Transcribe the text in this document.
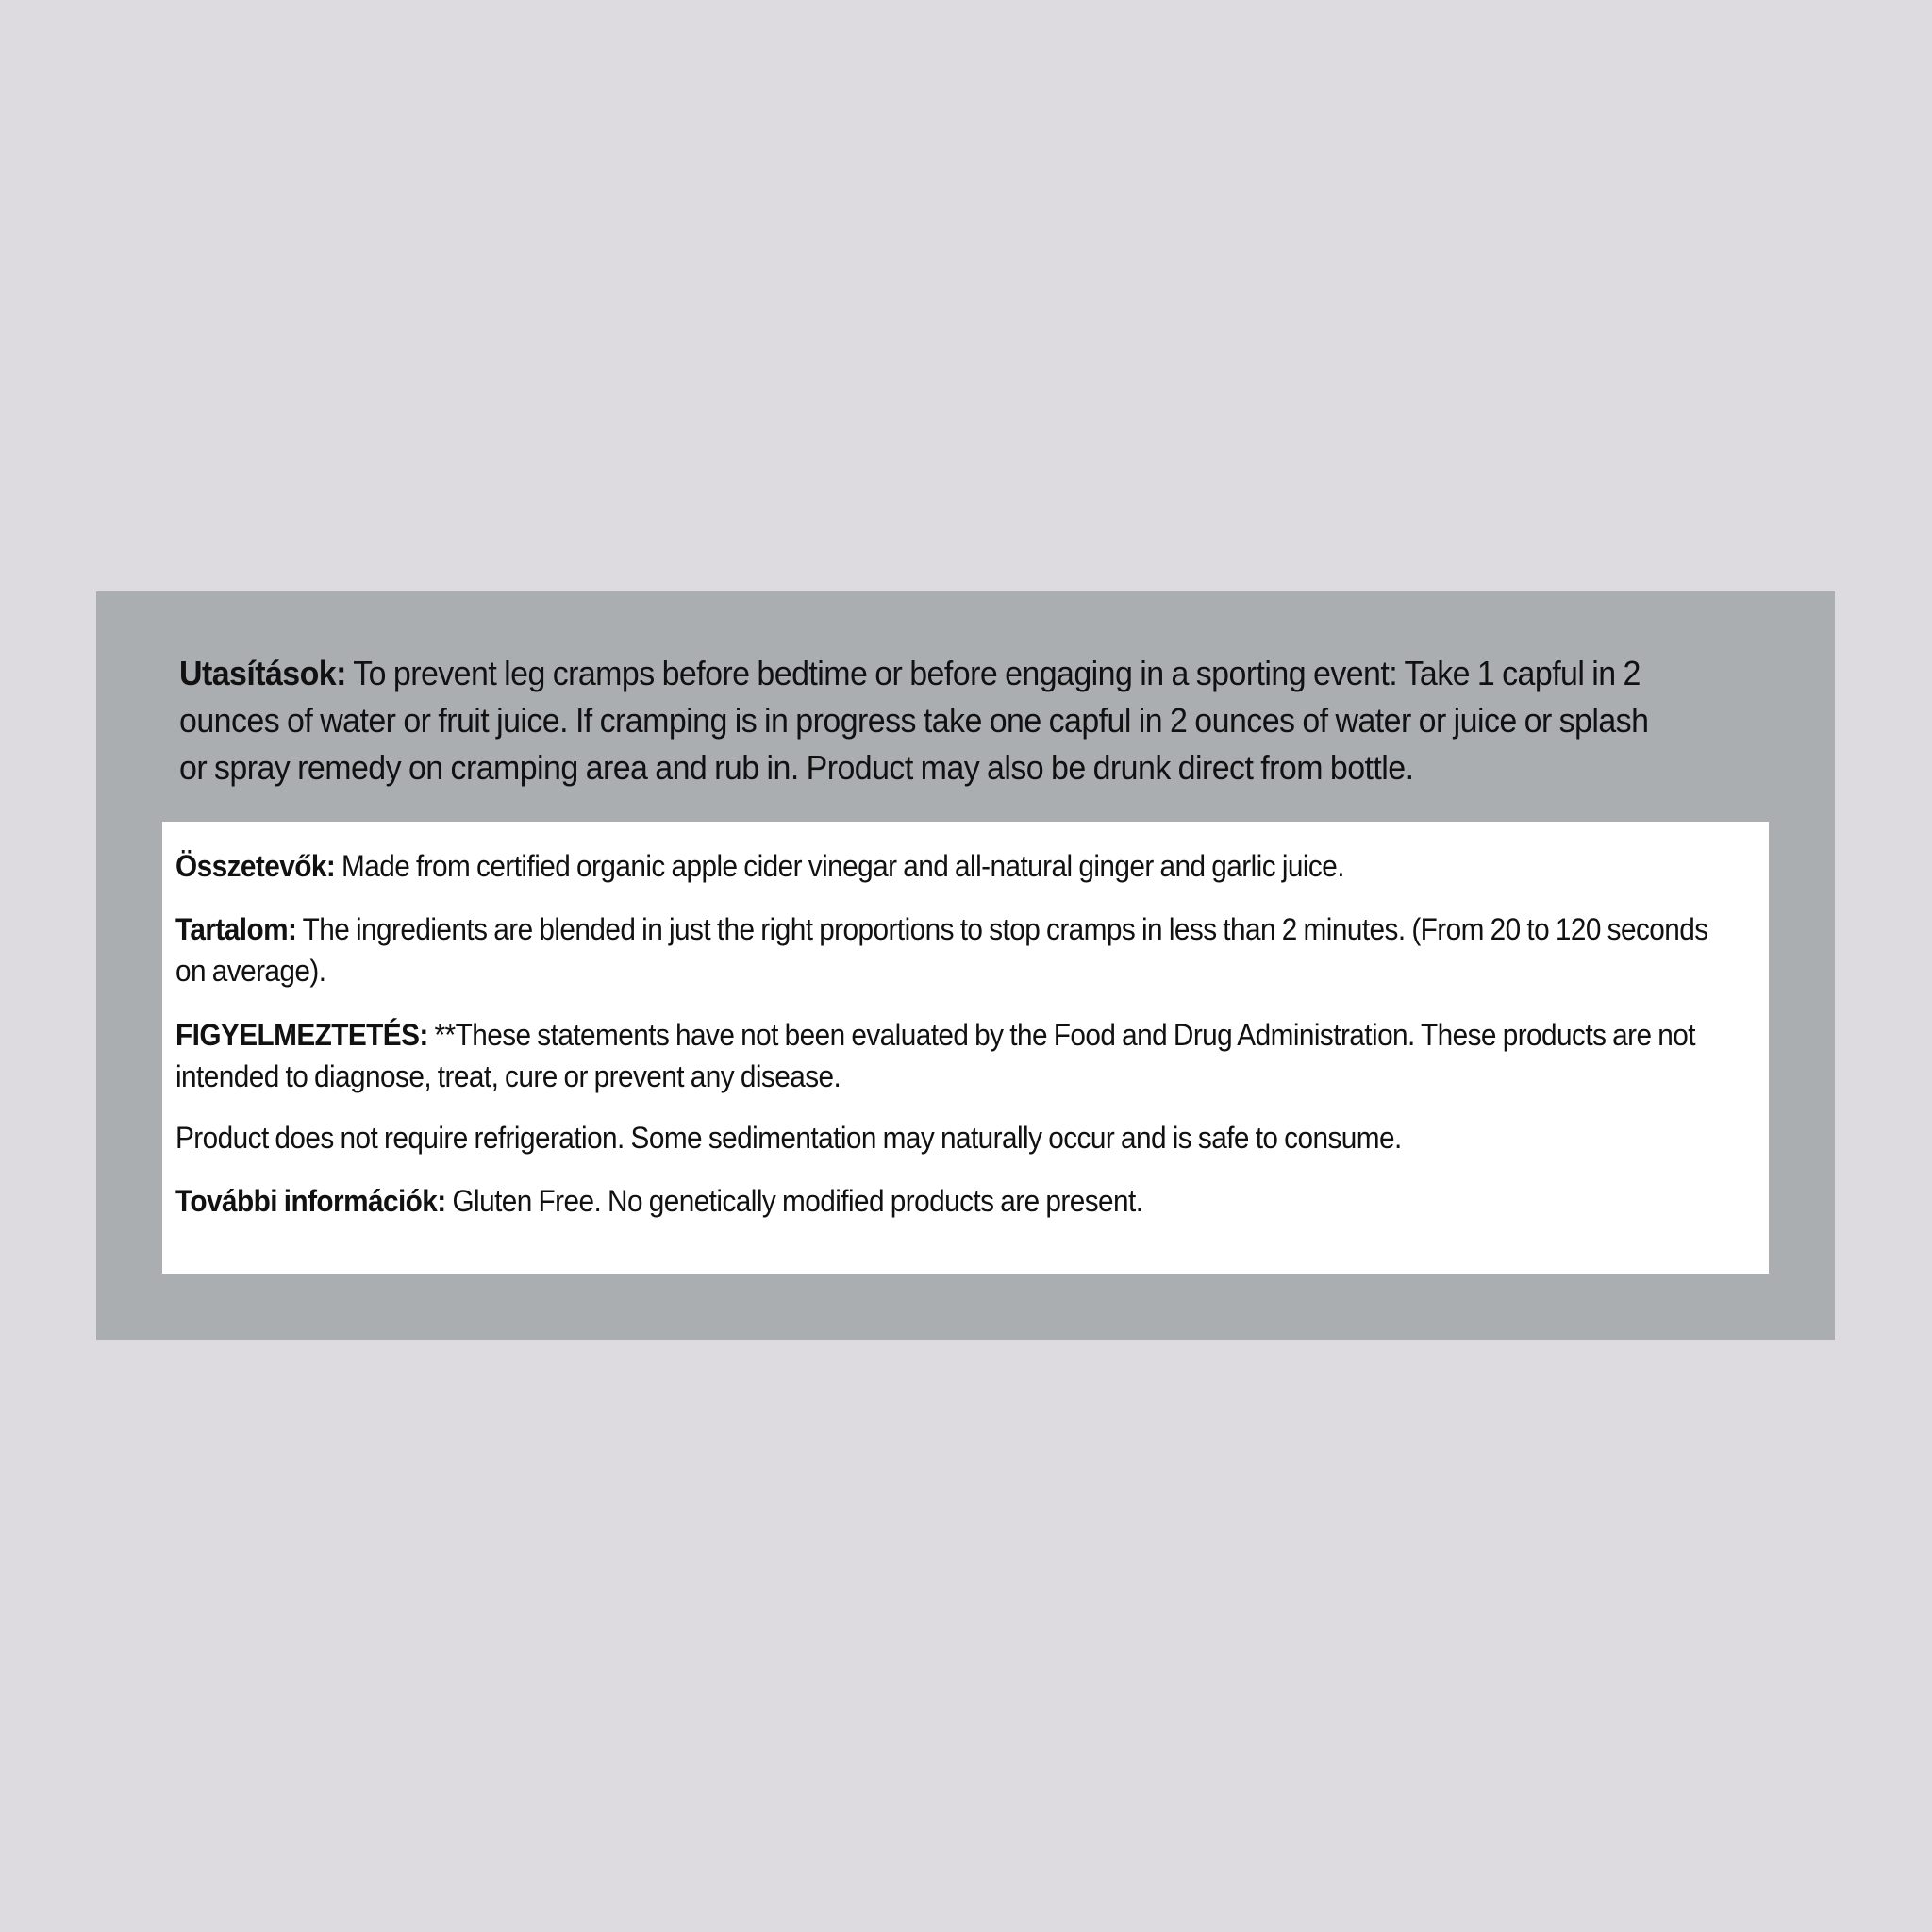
Utasítások: To prevent leg cramps before bedtime or before engaging in a sporting event: Take 1 capful in 2 ounces of water or fruit juice. If cramping is in progress take one capful in 2 ounces of water or juice or splash or spray remedy on cramping area and rub in. Product may also be drunk direct from bottle.
Összetevők: Made from certified organic apple cider vinegar and all-natural ginger and garlic juice.
Tartalom: The ingredients are blended in just the right proportions to stop cramps in less than 2 minutes. (From 20 to 120 seconds on average).
FIGYELMEZTETÉS: **These statements have not been evaluated by the Food and Drug Administration. These products are not intended to diagnose, treat, cure or prevent any disease.
Product does not require refrigeration. Some sedimentation may naturally occur and is safe to consume.
További információk: Gluten Free. No genetically modified products are present.
